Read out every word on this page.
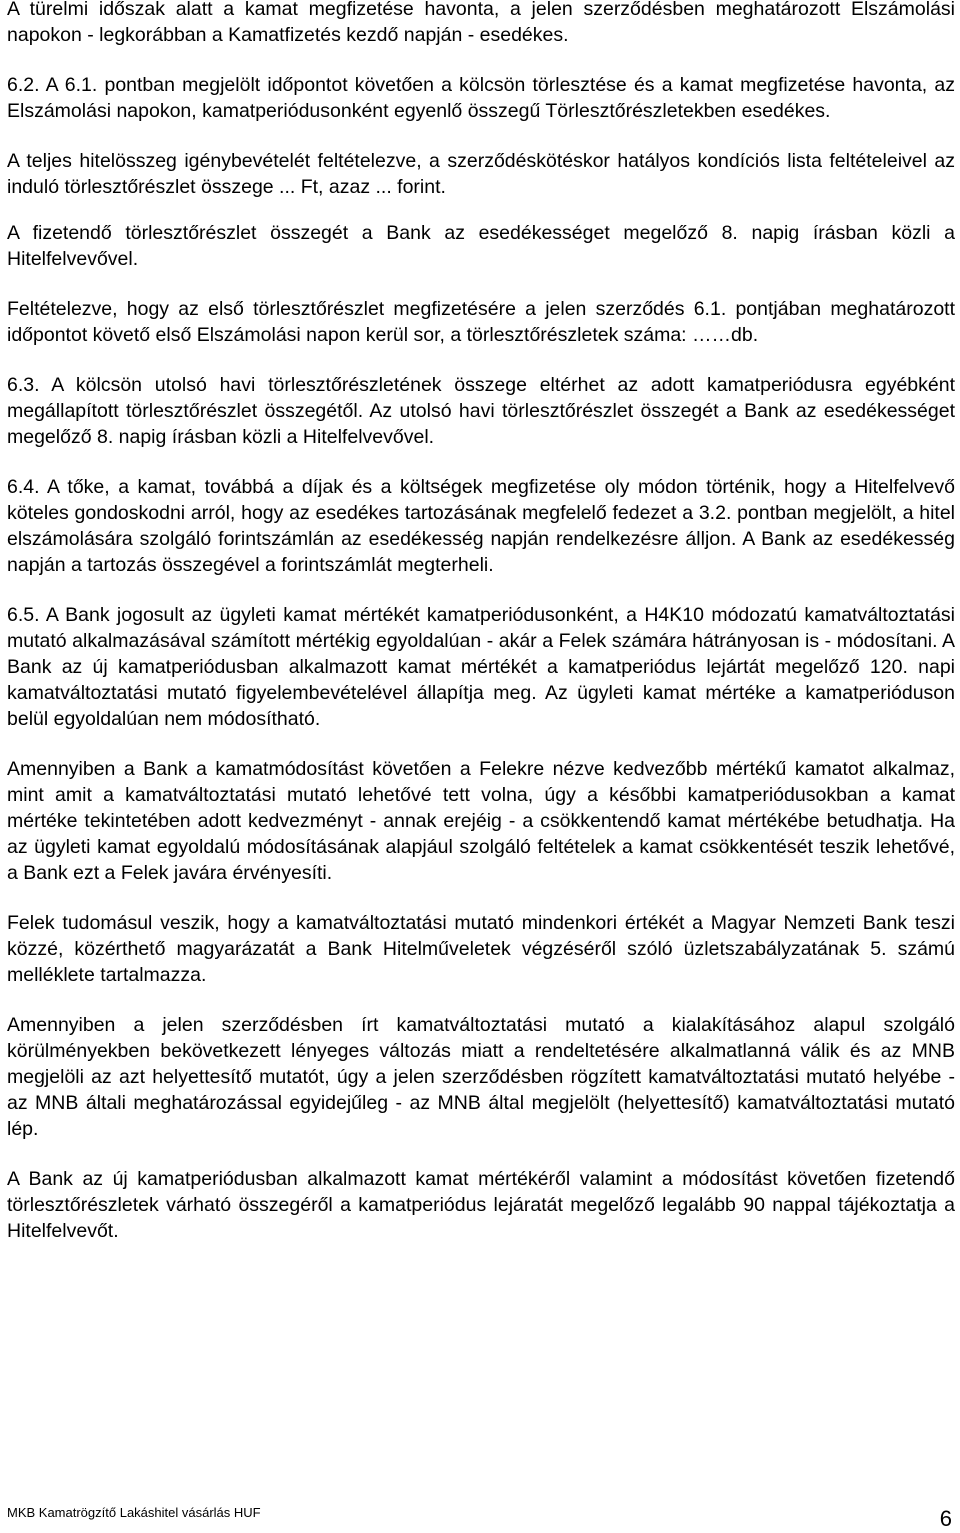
A türelmi időszak alatt a kamat megfizetése havonta, a jelen szerződésben meghatározott Elszámolási napokon - legkorábban a Kamatfizetés kezdő napján - esedékes.

6.2. A 6.1. pontban megjelölt időpontot követően a kölcsön törlesztése és a kamat megfizetése havonta, az Elszámolási napokon, kamatperiódusonként egyenlő összegű Törlesztőrészletekben esedékes.

A teljes hitelösszeg igénybevételét feltételezve, a szerződéskötéskor hatályos kondíciós lista feltételeivel az induló törlesztőrészlet összege ... Ft, azaz ... forint.

A fizetendő törlesztőrészlet összegét a Bank az esedékességet megelőző 8. napig írásban közli a Hitelfelvevővel.

Feltételezve, hogy az első törlesztőrészlet megfizetésére a jelen szerződés 6.1. pontjában meghatározott időpontot követő első Elszámolási napon kerül sor, a törlesztőrészletek száma: ……db.

6.3. A kölcsön utolsó havi törlesztőrészletének összege eltérhet az adott kamatperiódusra egyébként megállapított törlesztőrészlet összegétől. Az utolsó havi törlesztőrészlet összegét a Bank az esedékességet megelőző 8. napig írásban közli a Hitelfelvevővel.

6.4. A tőke, a kamat, továbbá a díjak és a költségek megfizetése oly módon történik, hogy a Hitelfelvevő köteles gondoskodni arról, hogy az esedékes tartozásának megfelelő fedezet a 3.2. pontban megjelölt, a hitel elszámolására szolgáló forintszámlán az esedékesség napján rendelkezésre álljon. A Bank az esedékesség napján a tartozás összegével a forintszámlát megterheli.

6.5. A Bank jogosult az ügyleti kamat mértékét kamatperiódusonként, a H4K10 módozatú kamatváltoztatási mutató alkalmazásával számított mértékig egyoldalúan - akár a Felek számára hátrányosan is - módosítani. A Bank az új kamatperiódusban alkalmazott kamat mértékét a kamatperiódus lejártát megelőző 120. napi kamatváltoztatási mutató figyelembevételével állapítja meg. Az ügyleti kamat mértéke a kamatperióduson belül egyoldalúan nem módosítható.

Amennyiben a Bank a kamatmódosítást követően a Felekre nézve kedvezőbb mértékű kamatot alkalmaz, mint amit a kamatváltoztatási mutató lehetővé tett volna, úgy a későbbi kamatperiódusokban a kamat mértéke tekintetében adott kedvezményt - annak erejéig - a csökkentendő kamat mértékébe betudhatja. Ha az ügyleti kamat egyoldalú módosításának alapjául szolgáló feltételek a kamat csökkentését teszik lehetővé, a Bank ezt a Felek javára érvényesíti.

Felek tudomásul veszik, hogy a kamatváltoztatási mutató mindenkori értékét a Magyar Nemzeti Bank teszi közzé, közérthető magyarázatát a Bank Hitelműveletek végzéséről szóló üzletszabályzatának 5. számú melléklete tartalmazza.

Amennyiben a jelen szerződésben írt kamatváltoztatási mutató a kialakításához alapul szolgáló körülményekben bekövetkezett lényeges változás miatt a rendeltetésére alkalmatlanná válik és az MNB megjelöli az azt helyettesítő mutatót, úgy a jelen szerződésben rögzített kamatváltoztatási mutató helyébe - az MNB általi meghatározással egyidejűleg - az MNB által megjelölt (helyettesítő) kamatváltoztatási mutató lép.

A Bank az új kamatperiódusban alkalmazott kamat mértékéről valamint a módosítást követően fizetendő törlesztőrészletek várható összegéről a kamatperiódus lejáratát megelőző legalább 90 nappal tájékoztatja a Hitelfelvevőt.

MKB Kamatrögzítő Lakáshitel vásárlás HUF	6
